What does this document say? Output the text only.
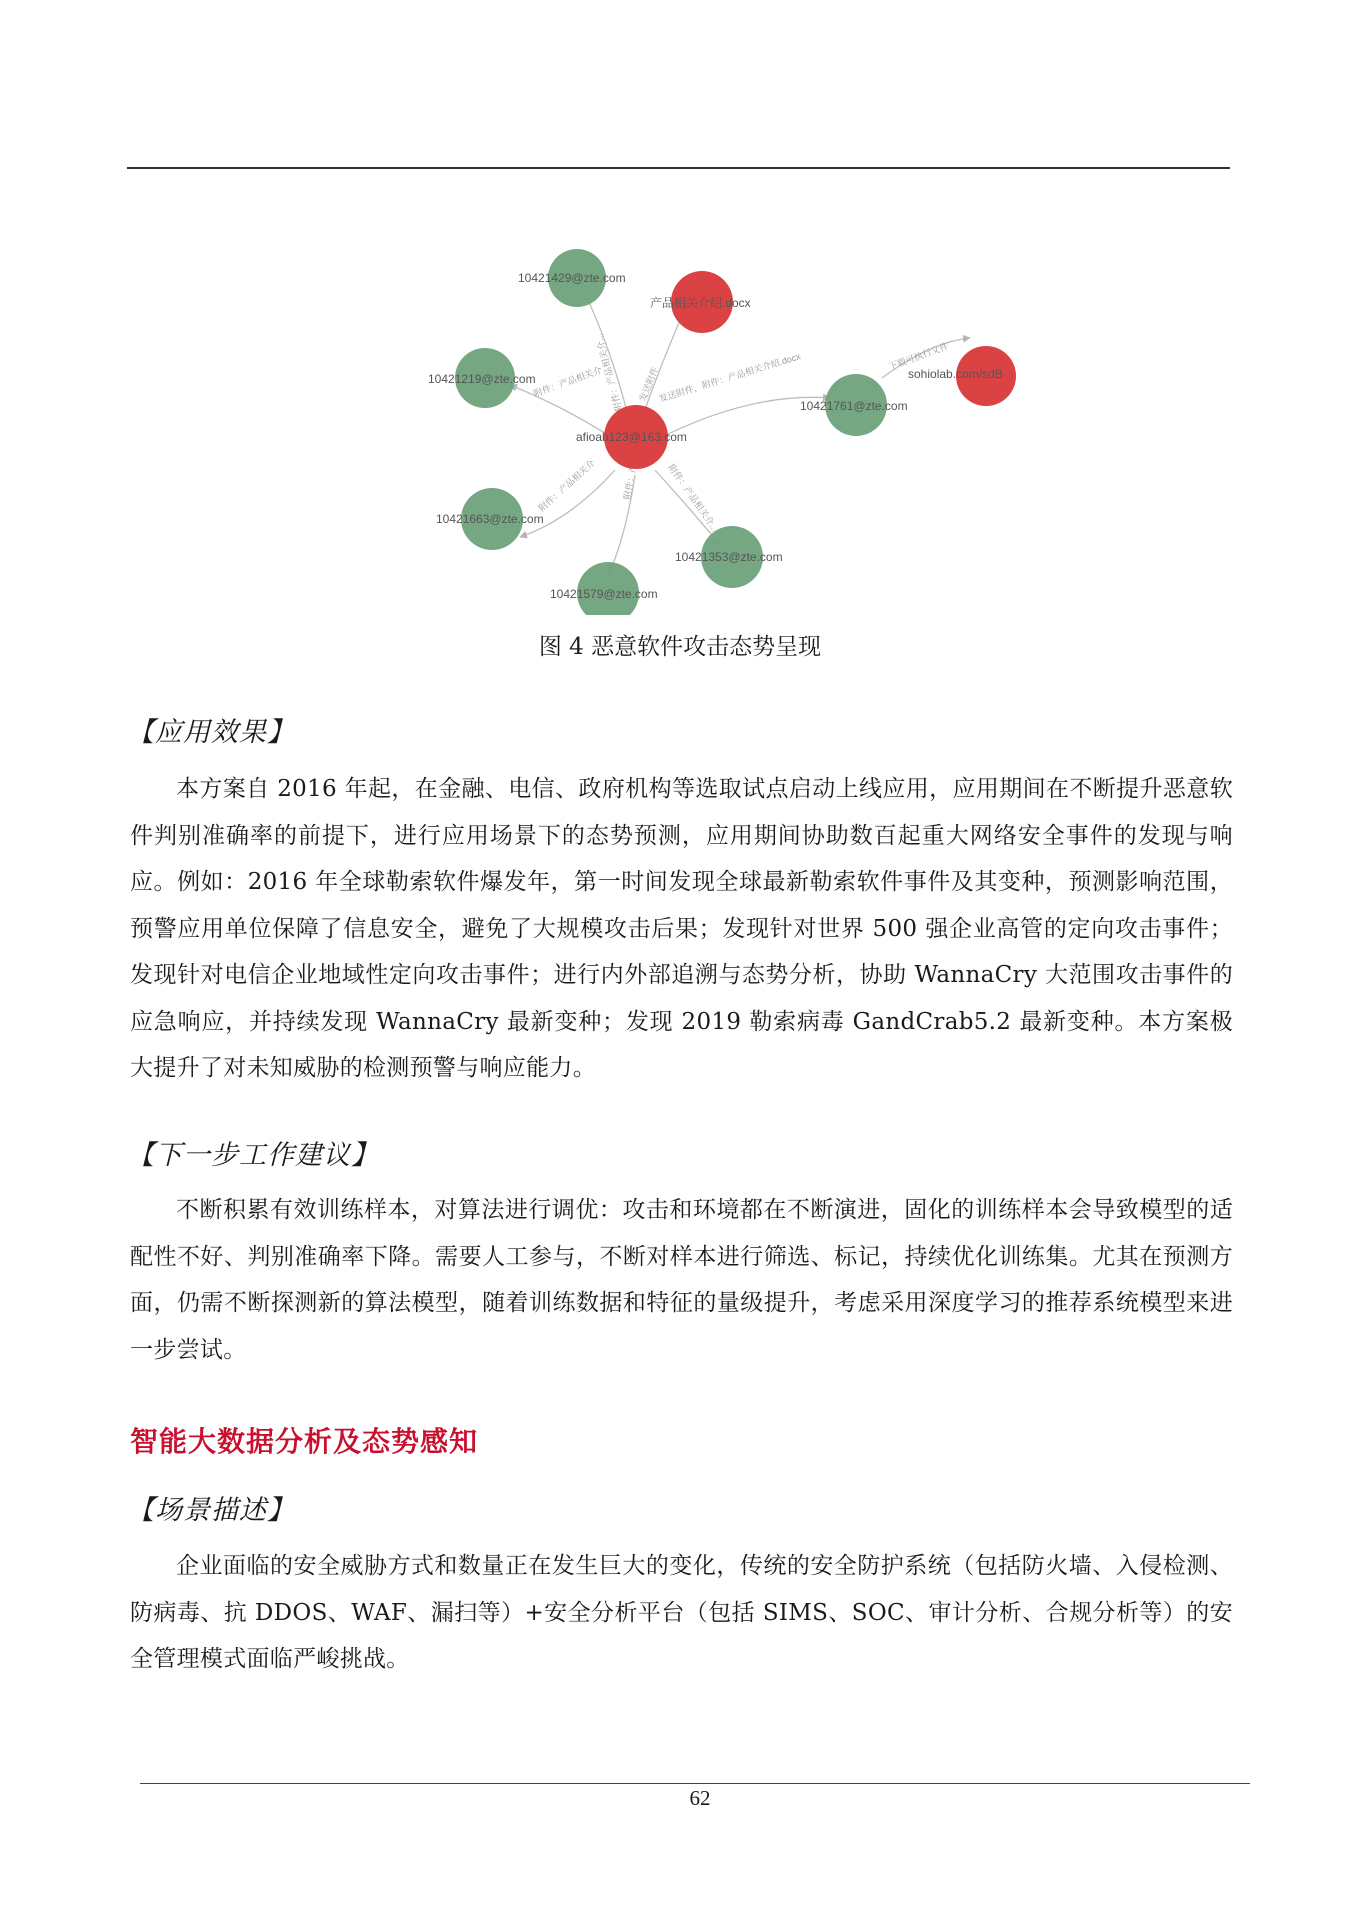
附件：产品相关介... 发送附件
附件：产品相关介	发送附件，附件：产品相关介绍.docx	下载可执行文件
附件：产品相关介	附件：产品相关介...
10421429@zte.com
产品相关介绍.docx
10421219@zte.com
10421761@zte.com
sohiolab.com/sdB
10421663@zte.com
10421353@zte.com
10421579@zte.com
afioab123@163.com
图 4 恶意软件攻击态势呈现
【应用效果】
本方案自 2016 年起，在金融、电信、政府机构等选取试点启动上线应用，应用期间在不断提升恶意软件判别准确率的前提下，进行应用场景下的态势预测，应用期间协助数百起重大网络安全事件的发现与响应。例如：2016 年全球勒索软件爆发年，第一时间发现全球最新勒索软件事件及其变种，预测影响范围，预警应用单位保障了信息安全，避免了大规模攻击后果；发现针对世界 500 强企业高管的定向攻击事件；发现针对电信企业地域性定向攻击事件；进行内外部追溯与态势分析，协助 WannaCry 大范围攻击事件的应急响应，并持续发现 WannaCry 最新变种；发现 2019 勒索病毒 GandCrab5.2 最新变种。本方案极大提升了对未知威胁的检测预警与响应能力。
【下一步工作建议】
不断积累有效训练样本，对算法进行调优：攻击和环境都在不断演进，固化的训练样本会导致模型的适配性不好、判别准确率下降。需要人工参与，不断对样本进行筛选、标记，持续优化训练集。尤其在预测方面，仍需不断探测新的算法模型，随着训练数据和特征的量级提升，考虑采用深度学习的推荐系统模型来进一步尝试。
智能大数据分析及态势感知
【场景描述】
企业面临的安全威胁方式和数量正在发生巨大的变化，传统的安全防护系统（包括防火墙、入侵检测、防病毒、抗 DDOS、WAF、漏扫等）+安全分析平台（包括 SIMS、SOC、审计分析、合规分析等）的安全管理模式面临严峻挑战。
62
